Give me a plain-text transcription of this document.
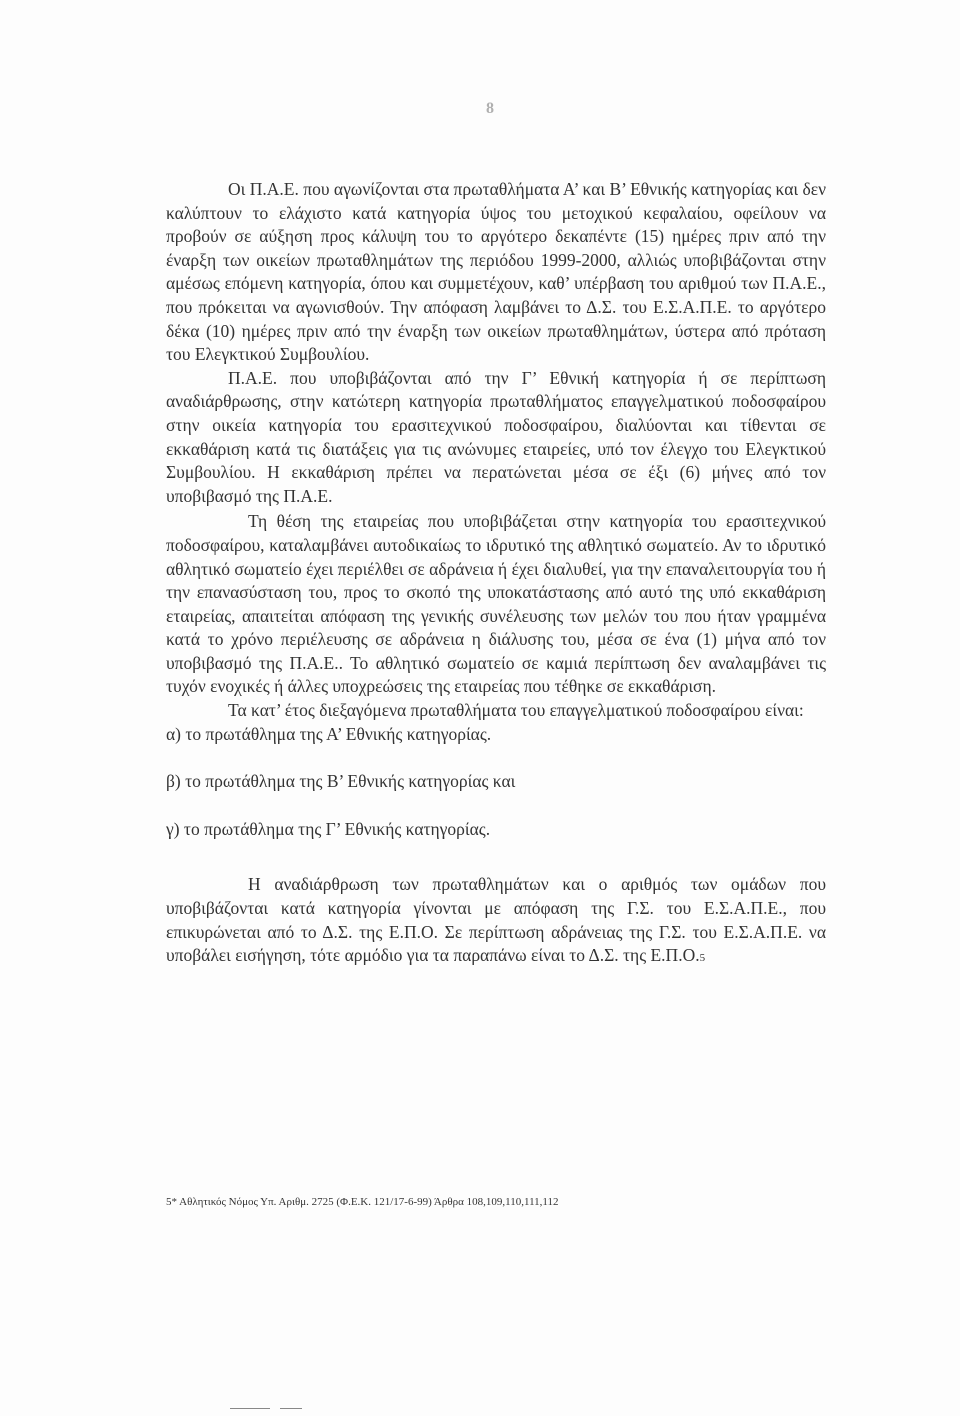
8

Οι Π.Α.Ε. που αγωνίζονται στα πρωταθλήματα Α’ και Β’ Εθνικής κατηγορίας και δεν καλύπτουν το ελάχιστο κατά κατηγορία ύψος του μετοχικού κεφαλαίου, οφείλουν να προβούν σε αύξηση προς κάλυψη του το αργότερο δεκαπέντε (15) ημέρες πριν από την έναρξη των οικείων πρωταθλημάτων της περιόδου 1999-2000, αλλιώς υποβιβάζονται στην αμέσως επόμενη κατηγορία, όπου και συμμετέχουν, καθ’ υπέρβαση του αριθμού των Π.Α.Ε., που πρόκειται να αγωνισθούν. Την απόφαση λαμβάνει το Δ.Σ. του Ε.Σ.Α.Π.Ε. το αργότερο δέκα (10) ημέρες πριν από την έναρξη των οικείων πρωταθλημάτων, ύστερα από πρόταση του Ελεγκτικού Συμβουλίου.

Π.Α.Ε. που υποβιβάζονται από την Γ’ Εθνική κατηγορία ή σε περίπτωση αναδιάρθρωσης, στην κατώτερη κατηγορία πρωταθλήματος επαγγελματικού ποδοσφαίρου στην οικεία κατηγορία του ερασιτεχνικού ποδοσφαίρου, διαλύονται και τίθενται σε εκκαθάριση κατά τις διατάξεις για τις ανώνυμες εταιρείες, υπό τον έλεγχο του Ελεγκτικού Συμβουλίου. Η εκκαθάριση πρέπει να περατώνεται μέσα σε έξι (6) μήνες από τον υποβιβασμό της Π.Α.Ε.

Τη θέση της εταιρείας που υποβιβάζεται στην κατηγορία του ερασιτεχνικού ποδοσφαίρου, καταλαμβάνει αυτοδικαίως το ιδρυτικό της αθλητικό σωματείο. Αν το ιδρυτικό αθλητικό σωματείο έχει περιέλθει σε αδράνεια ή έχει διαλυθεί, για την επαναλειτουργία του ή την επανασύσταση του, προς το σκοπό της υποκατάστασης από αυτό της υπό εκκαθάριση εταιρείας, απαιτείται απόφαση της γενικής συνέλευσης των μελών του που ήταν γραμμένα κατά το χρόνο περιέλευσης σε αδράνεια η διάλυσης του, μέσα σε ένα (1) μήνα από τον υποβιβασμό της Π.Α.Ε.. Το αθλητικό σωματείο σε καμιά περίπτωση δεν αναλαμβάνει τις τυχόν ενοχικές ή άλλες υποχρεώσεις της εταιρείας που τέθηκε σε εκκαθάριση.

Τα κατ’ έτος διεξαγόμενα πρωταθλήματα του επαγγελματικού ποδοσφαίρου είναι:

α) το πρωτάθλημα της Α’ Εθνικής κατηγορίας.

β) το πρωτάθλημα της Β’ Εθνικής κατηγορίας και

γ) το πρωτάθλημα της Γ’ Εθνικής κατηγορίας.

Η αναδιάρθρωση των πρωταθλημάτων και ο αριθμός των ομάδων που υποβιβάζονται κατά κατηγορία γίνονται με απόφαση της Γ.Σ. του Ε.Σ.Α.Π.Ε., που επικυρώνεται από το Δ.Σ. της Ε.Π.Ο. Σε περίπτωση αδράνειας της Γ.Σ. του Ε.Σ.Α.Π.Ε. να υποβάλει εισήγηση, τότε αρμόδιο για τα παραπάνω είναι το Δ.Σ. της Ε.Π.Ο.5

5* Αθλητικός Νόμος Υπ. Αριθμ. 2725 (Φ.Ε.Κ. 121/17-6-99) Άρθρα 108,109,110,111,112
